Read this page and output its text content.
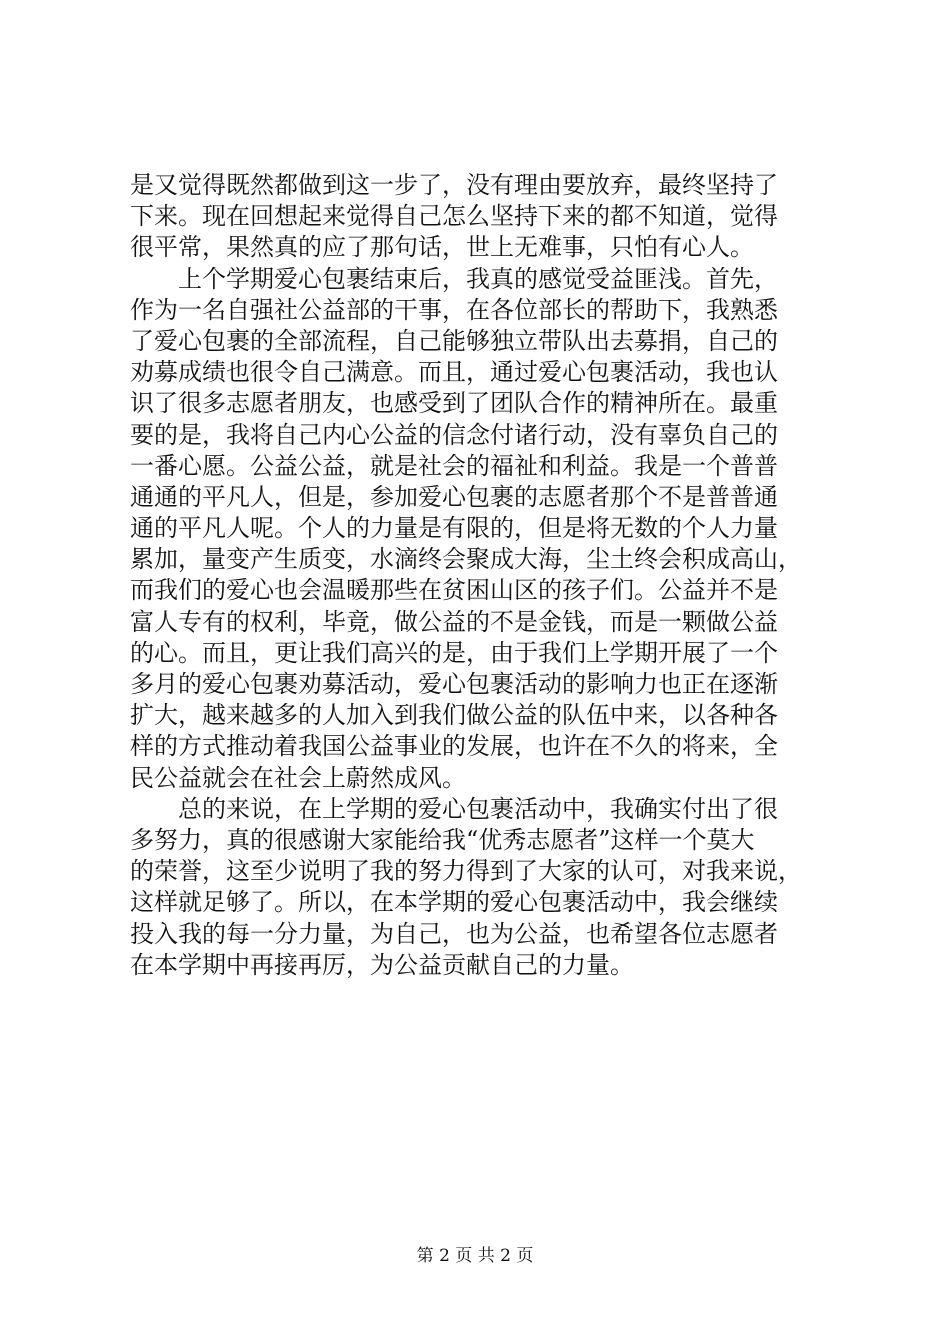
是又觉得既然都做到这一步了，没有理由要放弃，最终坚持了
下来。现在回想起来觉得自己怎么坚持下来的都不知道，觉得
很平常，果然真的应了那句话，世上无难事，只怕有心人。
　　上个学期爱心包裹结束后，我真的感觉受益匪浅。首先，
作为一名自强社公益部的干事，在各位部长的帮助下，我熟悉
了爱心包裹的全部流程，自己能够独立带队出去募捐，自己的
劝募成绩也很令自己满意。而且，通过爱心包裹活动，我也认
识了很多志愿者朋友，也感受到了团队合作的精神所在。最重
要的是，我将自己内心公益的信念付诸行动，没有辜负自己的
一番心愿。公益公益，就是社会的福祉和利益。我是一个普普
通通的平凡人，但是，参加爱心包裹的志愿者那个不是普普通
通的平凡人呢。个人的力量是有限的，但是将无数的个人力量
累加，量变产生质变，水滴终会聚成大海，尘土终会积成高山，
而我们的爱心也会温暖那些在贫困山区的孩子们。公益并不是
富人专有的权利，毕竟，做公益的不是金钱，而是一颗做公益
的心。而且，更让我们高兴的是，由于我们上学期开展了一个
多月的爱心包裹劝募活动，爱心包裹活动的影响力也正在逐渐
扩大，越来越多的人加入到我们做公益的队伍中来，以各种各
样的方式推动着我国公益事业的发展，也许在不久的将来，全
民公益就会在社会上蔚然成风。
　　总的来说，在上学期的爱心包裹活动中，我确实付出了很
多努力，真的很感谢大家能给我“优秀志愿者”这样一个莫大
的荣誉，这至少说明了我的努力得到了大家的认可，对我来说，
这样就足够了。所以，在本学期的爱心包裹活动中，我会继续
投入我的每一分力量，为自己，也为公益，也希望各位志愿者
在本学期中再接再厉，为公益贡献自己的力量。
第 2 页 共 2 页
